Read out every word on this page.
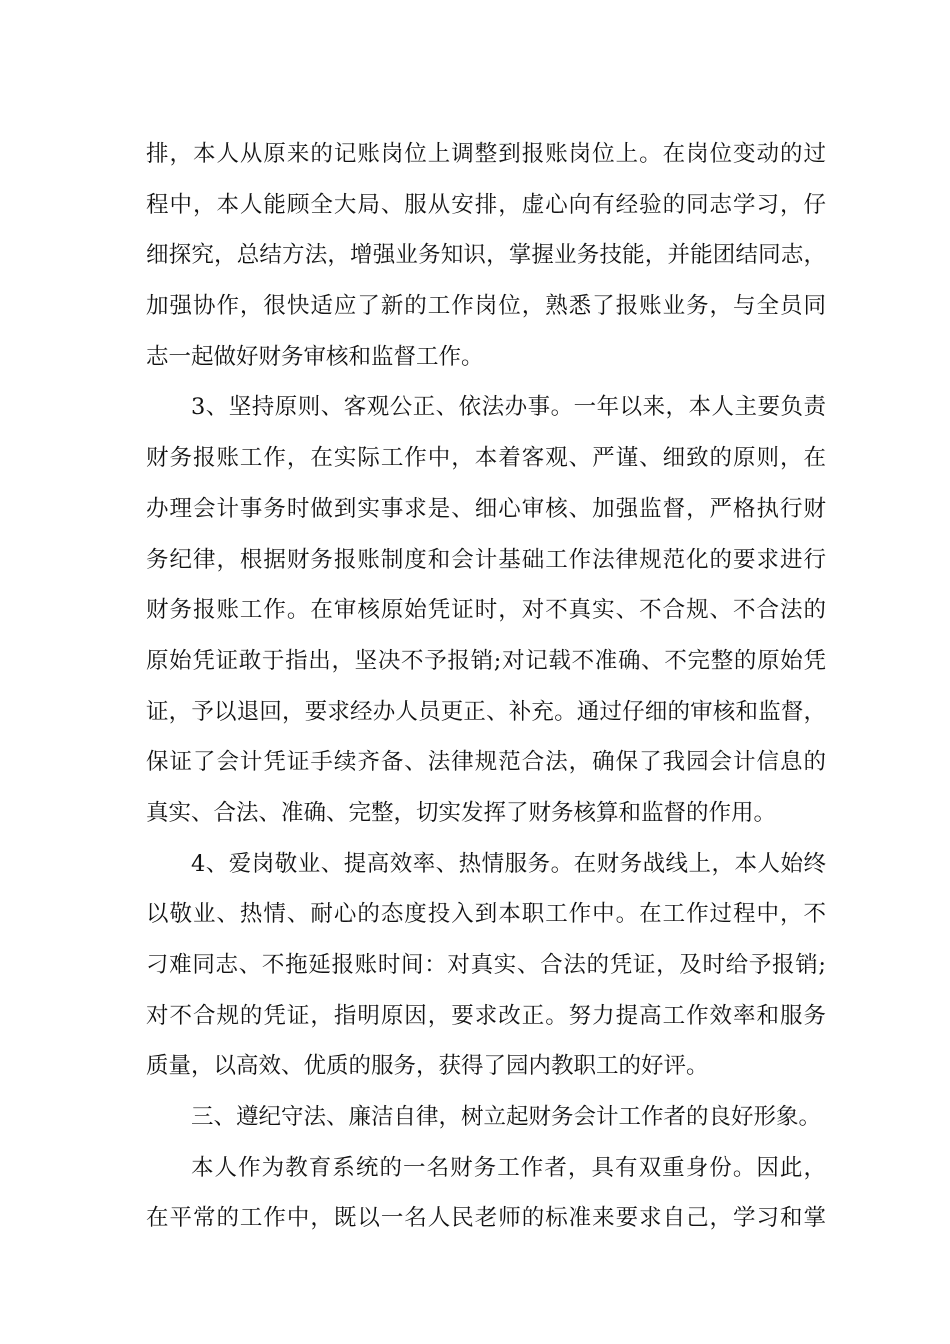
排，本人从原来的记账岗位上调整到报账岗位上。在岗位变动的过
程中，本人能顾全大局、服从安排，虚心向有经验的同志学习，仔
细探究，总结方法，增强业务知识，掌握业务技能，并能团结同志，
加强协作，很快适应了新的工作岗位，熟悉了报账业务，与全员同
志一起做好财务审核和监督工作。
3、坚持原则、客观公正、依法办事。一年以来，本人主要负责
财务报账工作，在实际工作中，本着客观、严谨、细致的原则，在
办理会计事务时做到实事求是、细心审核、加强监督，严格执行财
务纪律，根据财务报账制度和会计基础工作法律规范化的要求进行
财务报账工作。在审核原始凭证时，对不真实、不合规、不合法的
原始凭证敢于指出，坚决不予报销;对记载不准确、不完整的原始凭
证，予以退回，要求经办人员更正、补充。通过仔细的审核和监督，
保证了会计凭证手续齐备、法律规范合法，确保了我园会计信息的
真实、合法、准确、完整，切实发挥了财务核算和监督的作用。
4、爱岗敬业、提高效率、热情服务。在财务战线上，本人始终
以敬业、热情、耐心的态度投入到本职工作中。在工作过程中，不
刁难同志、不拖延报账时间：对真实、合法的凭证，及时给予报销;
对不合规的凭证，指明原因，要求改正。努力提高工作效率和服务
质量，以高效、优质的服务，获得了园内教职工的好评。
三、遵纪守法、廉洁自律，树立起财务会计工作者的良好形象。
本人作为教育系统的一名财务工作者，具有双重身份。因此，
在平常的工作中，既以一名人民老师的标准来要求自己，学习和掌
